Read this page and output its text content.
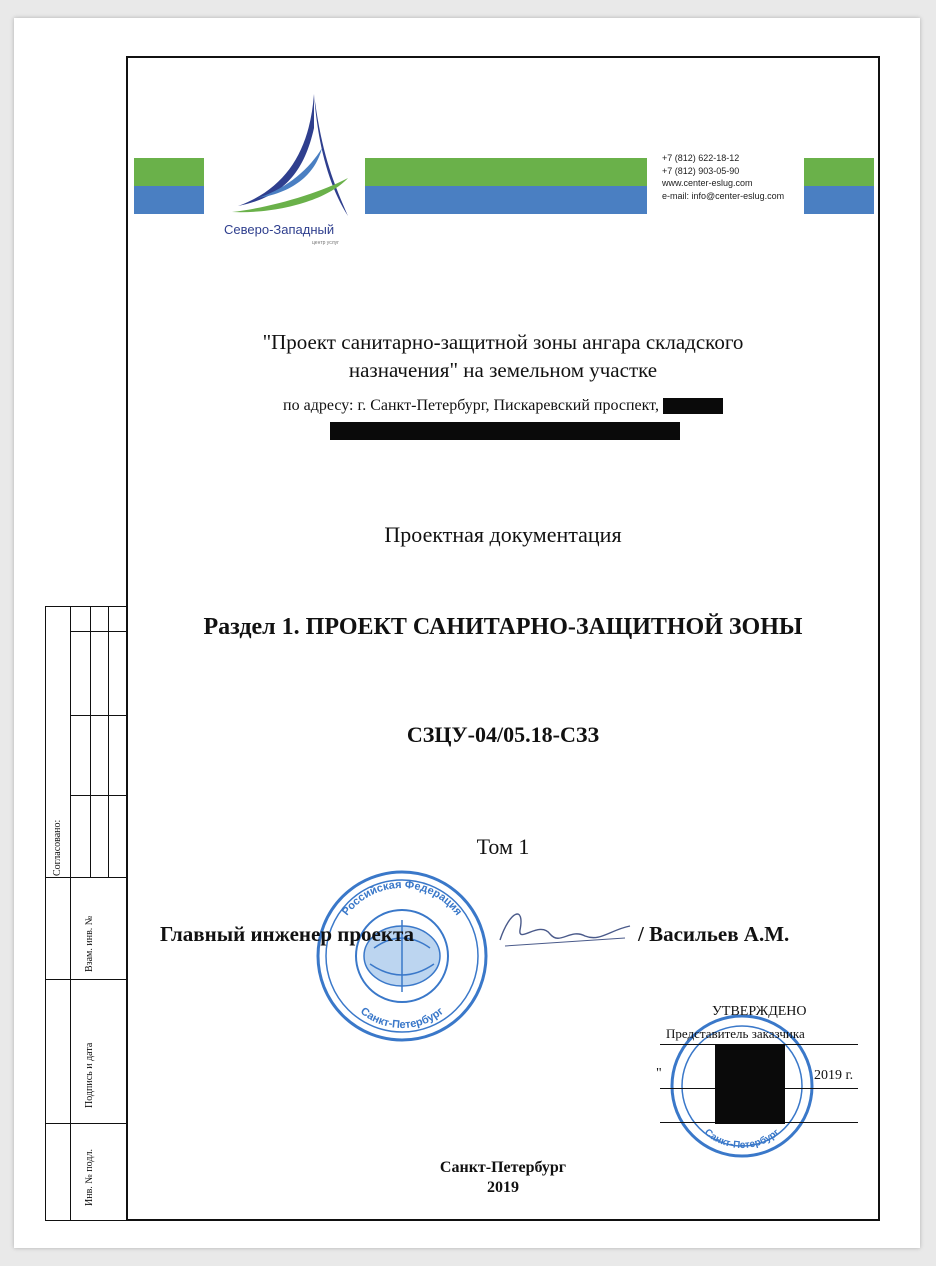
Северо-Западный
центр услуг
+7 (812) 622-18-12
+7 (812) 903-05-90
www.center-eslug.com
e-mail: info@center-eslug.com
"Проект санитарно-защитной зоны ангара складского
назначения" на земельном участке
по адресу: г. Санкт-Петербург, Пискаревский проспект,
Проектная документация
Раздел 1. ПРОЕКТ САНИТАРНО-ЗАЩИТНОЙ ЗОНЫ
СЗЦУ-04/05.18-СЗЗ
Том 1
Российская Федерация
Санкт-Петербург
Главный инженер проекта	/ Васильев А.М.
Санкт-Петербург
УТВЕРЖДЕНО
Представитель заказчика
"	2019 г.
Санкт-Петербург
2019
Согласовано:
Взам. инв. №
Подпись и дата
Инв. № подл.
